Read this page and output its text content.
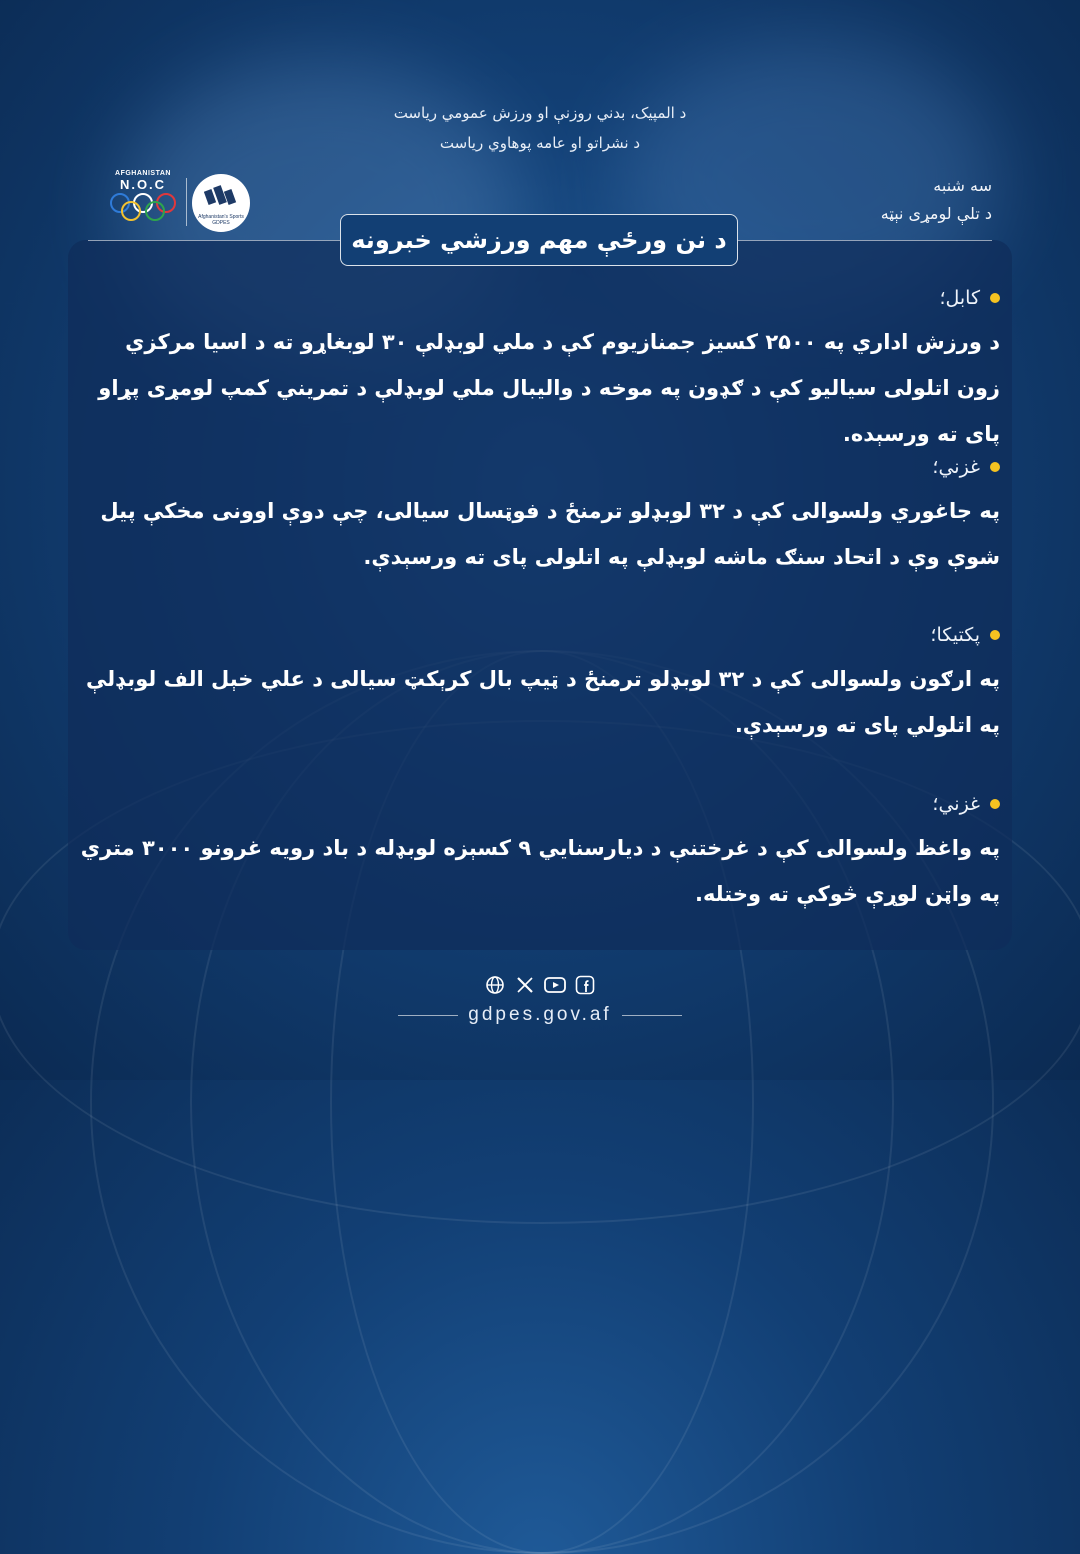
د المپیک، بدني روزنې او ورزش عمومي ریاست
د نشراتو او عامه پوهاوي ریاست
AFGHANISTAN
N.O.C
Afghanistan's Sports GDPES
سه شنبه
د تلې لومړی نېټه
د نن ورځې مهم ورزشي خبرونه
کابل؛
د ورزش اداري په ۲۵۰۰ کسیز جمنازیوم کې د ملي لوبډلې ۳۰ لوبغاړو ته د اسیا مرکزي زون اتلولی سیالیو کې د ګډون په موخه د والیبال ملي لوبډلې د تمریني کمپ لومړی پړاو پای ته ورسېده.
غزني؛
په جاغوري ولسوالی کې د ۳۲ لوبډلو ترمنځ د فوټسال سیالی، چې دوې اوونی مخکې پیل شوې وې د اتحاد سنګ ماشه لوبډلې په اتلولی پای ته ورسېدې.
پکتیکا؛
په ارګون ولسوالی کې د ۳۲ لوبډلو ترمنځ د ټیپ بال کرېکټ سیالی د علي خېل الف لوبډلې په اتلولي پای ته ورسېدې.
غزني؛
په واغظ ولسوالی کې د غرختنې د دیارسنایي ۹ کسېزه لوبډله د باد رویه غرونو ۳۰۰۰ متري په واټن لوړې څوکې ته وختله.
gdpes.gov.af
